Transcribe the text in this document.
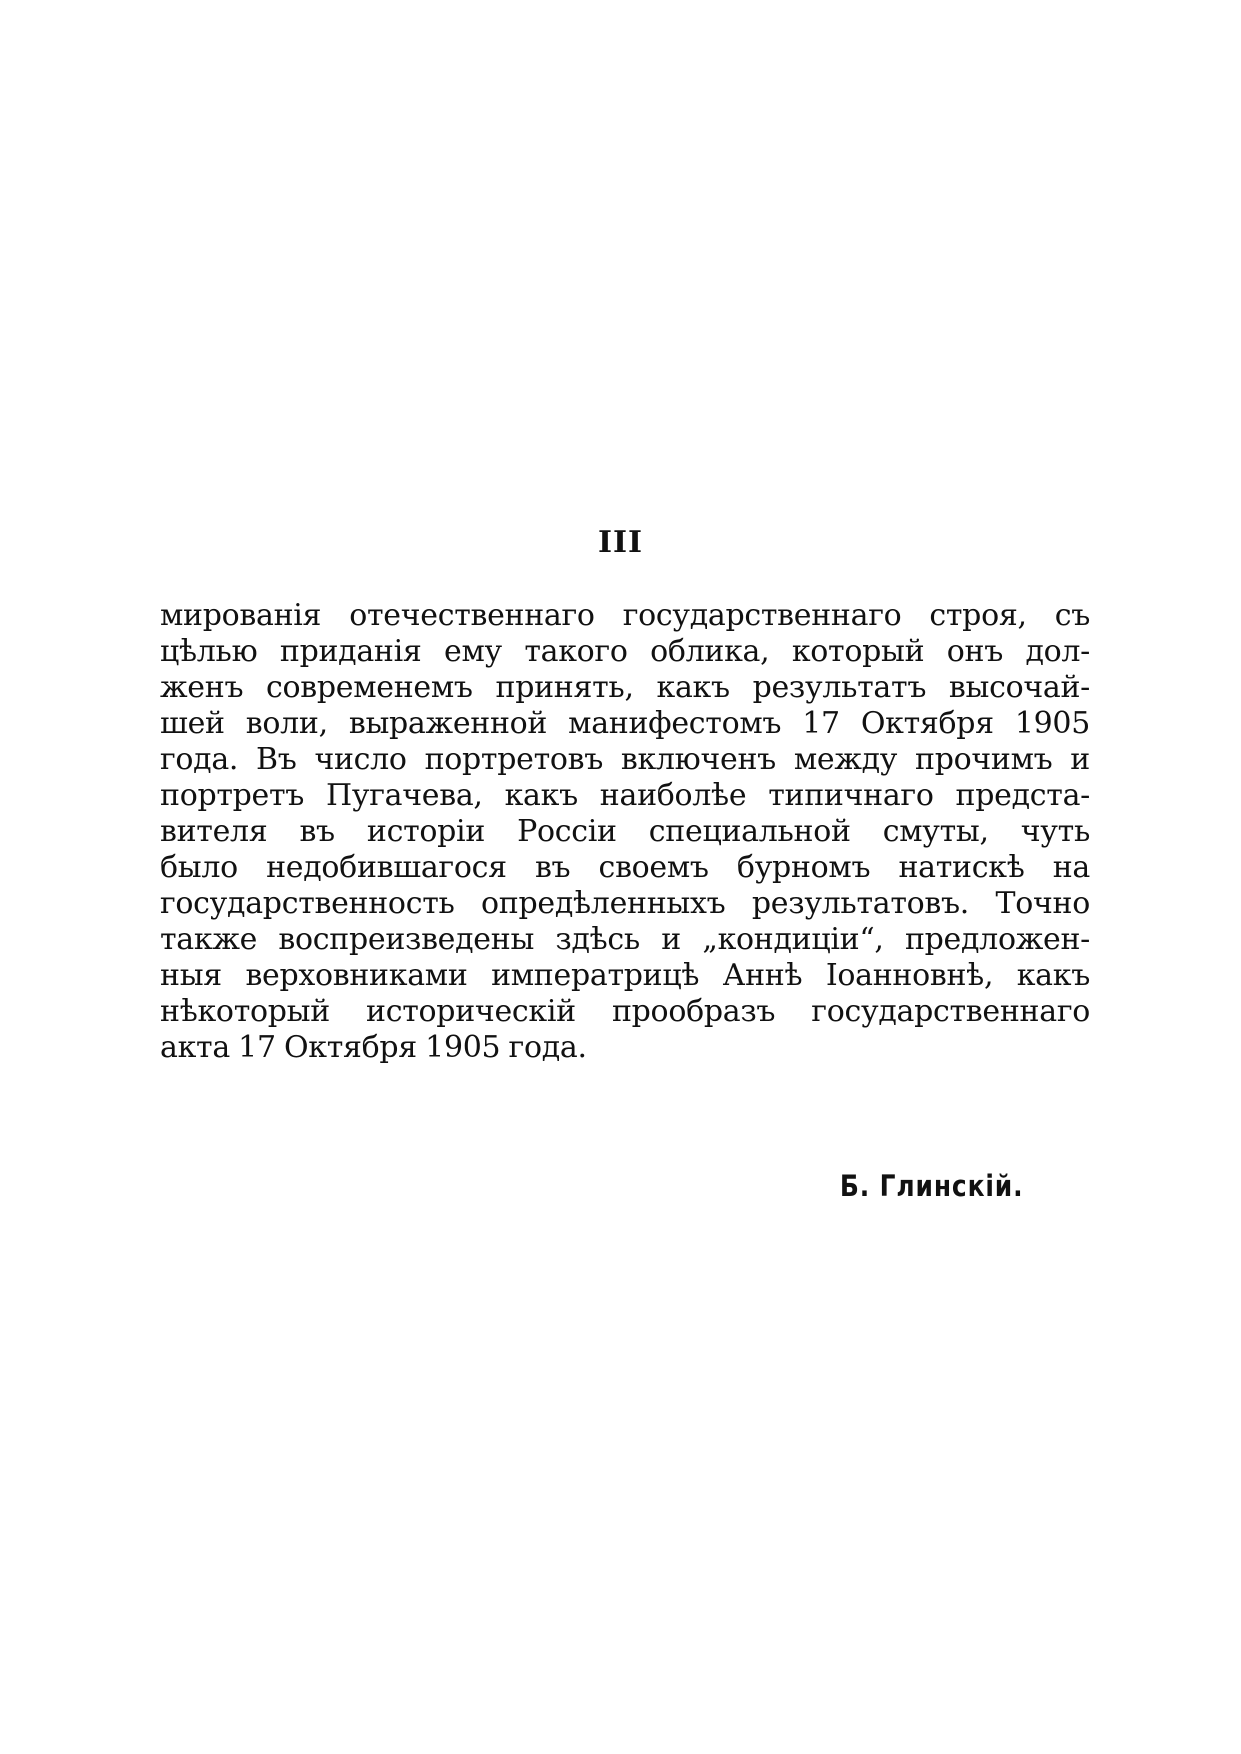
III
мированія отечественнаго государственнаго строя, съ
цѣлью приданія ему такого облика, который онъ дол-
женъ современемъ принять, какъ результатъ высочай-
шей воли, выраженной манифестомъ 17 Октября 1905
года. Въ число портретовъ включенъ между прочимъ и
портретъ Пугачева, какъ наиболѣе типичнаго предста-
вителя въ исторіи Россіи специальной смуты, чуть
было недобившагося въ своемъ бурномъ натискѣ на
государственность опредѣленныхъ результатовъ. Точно
также воспреизведены здѣсь и „кондиціи“, предложен-
ныя верховниками императрицѣ Аннѣ Іоанновнѣ, какъ
нѣкоторый историческій прообразъ государственнаго
акта 17 Октября 1905 года.
Б. Глинскій.
